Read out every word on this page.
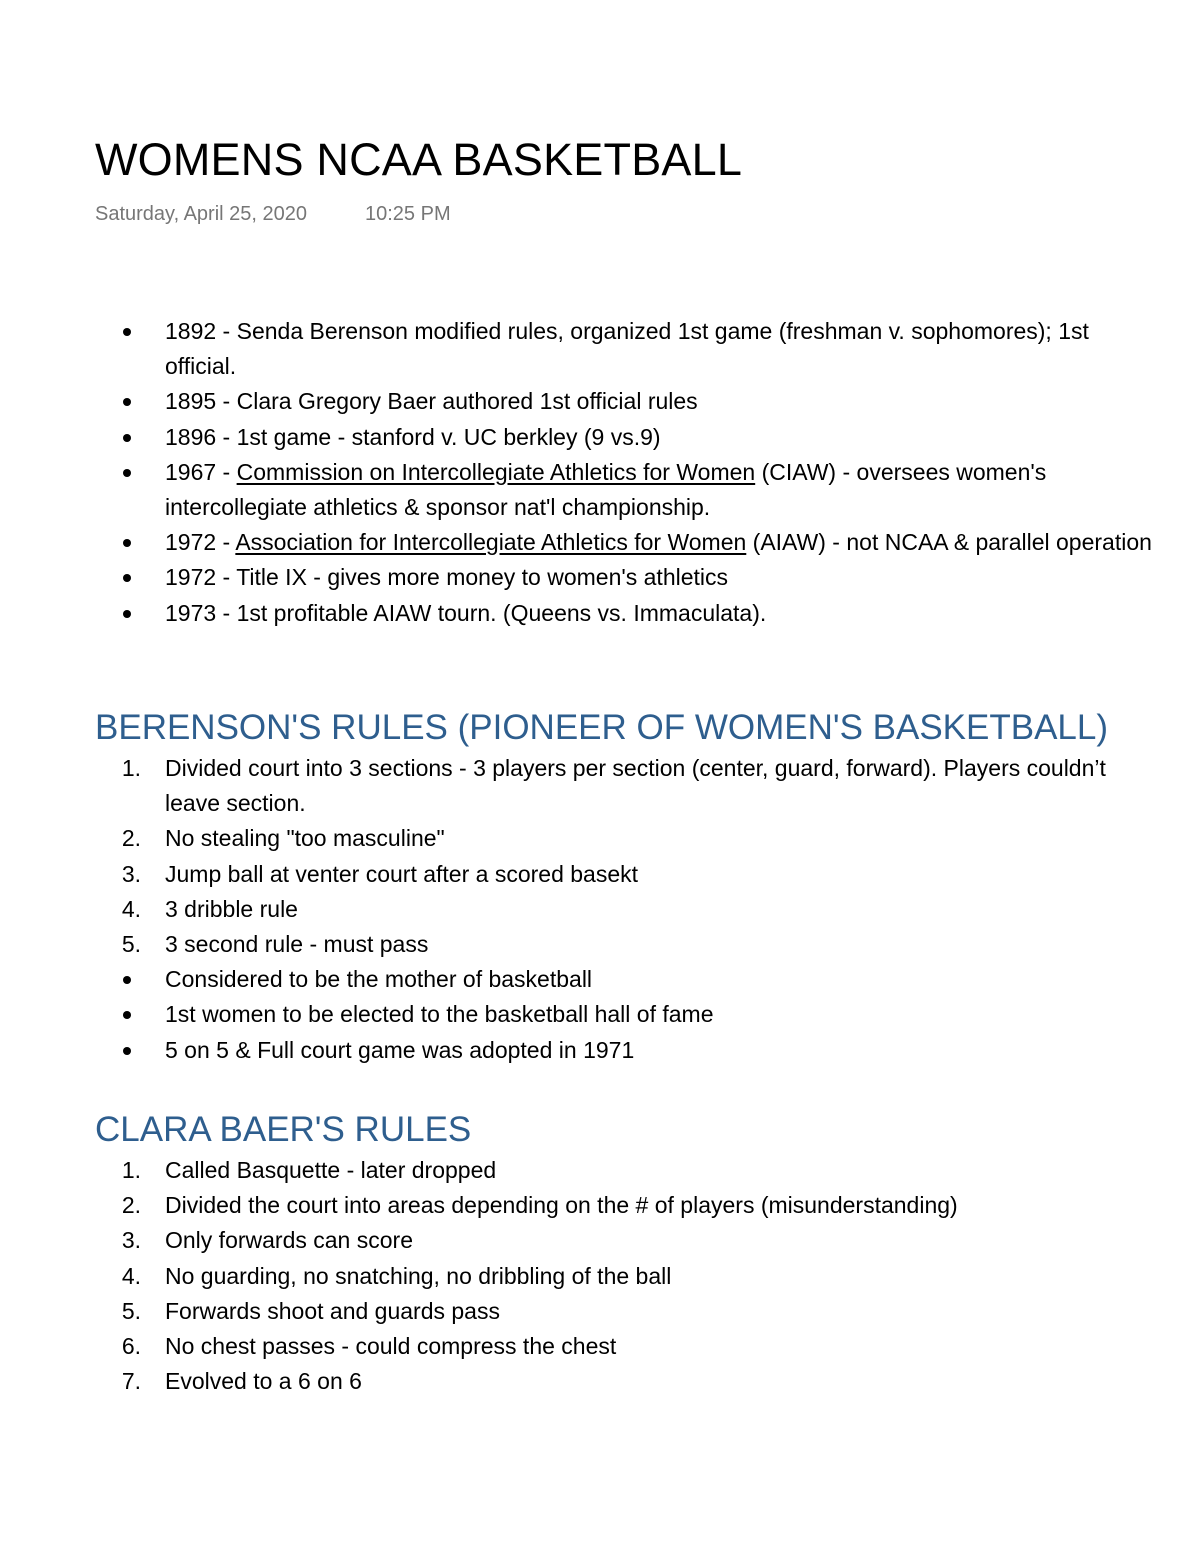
WOMENS NCAA BASKETBALL
Saturday, April 25, 2020	10:25 PM
1892 - Senda Berenson modified rules, organized 1st game (freshman v. sophomores); 1st official.
1895 - Clara Gregory Baer authored 1st official rules
1896 - 1st game - stanford v. UC berkley (9 vs.9)
1967 - Commission on Intercollegiate Athletics for Women (CIAW) - oversees women's intercollegiate athletics & sponsor nat'l championship.
1972 - Association for Intercollegiate Athletics for Women (AIAW) - not NCAA & parallel operation
1972 - Title IX - gives more money to women's athletics
1973 - 1st profitable AIAW tourn. (Queens vs. Immaculata).
BERENSON'S RULES (PIONEER OF WOMEN'S BASKETBALL)
1. Divided court into 3 sections - 3 players per section (center, guard, forward). Players couldn’t leave section.
2. No stealing "too masculine"
3. Jump ball at venter court after a scored basekt
4. 3 dribble rule
5. 3 second rule - must pass
Considered to be the mother of basketball
1st women to be elected to the basketball hall of fame
5 on 5 & Full court game was adopted in 1971
CLARA BAER'S RULES
1. Called Basquette - later dropped
2. Divided the court into areas depending on the # of players (misunderstanding)
3. Only forwards can score
4. No guarding, no snatching, no dribbling of the ball
5. Forwards shoot and guards pass
6. No chest passes - could compress the chest
7. Evolved to a 6 on 6
